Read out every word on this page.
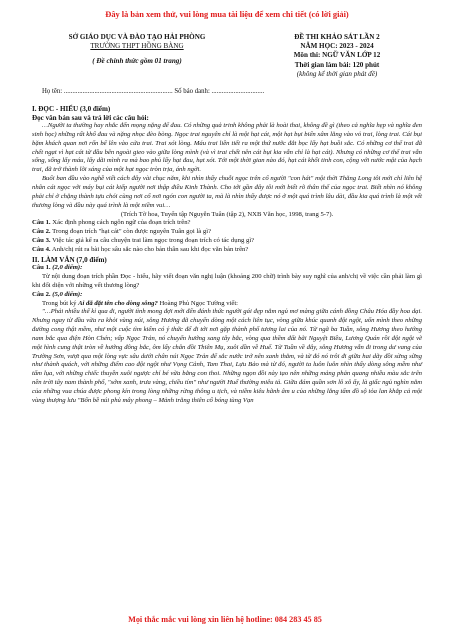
Đây là bản xem thử, vui lòng mua tài liệu để xem chi tiết (có lời giải)
SỞ GIÁO DỤC VÀ ĐÀO TẠO HẢI PHÒNG
TRƯỜNG THPT HỒNG BÀNG
( Đề chính thức gồm 01 trang)
ĐỀ THI KHẢO SÁT LẦN 2
NĂM HỌC: 2023 - 2024
Môn thi: NGỮ VĂN LỚP 12
Thời gian làm bài: 120 phút
(không kể thời gian phát đề)
Họ tên: ................................................................ Số báo danh: ...............................
I. ĐỌC - HIỂU (3,0 điểm)
Đọc văn bản sau và trả lời các câu hỏi:

…Người ta thường hay nhắc đến mọng nặng để đau. Có những quả trinh không phải là hoài thai, không đề gì (theo cả nghĩa hẹp và nghĩa đen sinh học) những rất khổ đau và nặng nhọc đèo bòng. Ngọc trai nguyên chỉ là một hạt cát, một hạt bụi biển xâm lăng vào vỏ trai, lòng trai. Cái bụi bặm khách quan nơi rốn bể lên vào cửa trai. Trai xót lòng. Máu trai liền tiết ra một thứ nước đắt bọc lấy hạt buồi sắc. Có những cơ thể trai đã chết ngạt vì hạt cát từ đầu bên ngoài gieo vào giữa lòng mình (và vì trai chết nên cát bụi kia vẫn chỉ là hạt cát). Nhưng có những cơ thể trai vẫn sống, sống lấy máu, lấy dãi mình ra mà bao phủ lấy hạt đau, hạt xót. Tới một thời gian nào đó, hạt cát khối tinh con, cộng với nước mật của hạch trai, đã trở thành lõi sáng của một hạt ngọc tròn trịa, ánh ngời.

Buổi ban đầu vào nghề viết cách đây vài chục năm, khi nhìn thấy chuỗi ngọc trên cổ người "con hát" một thời Thăng Long tôi mới chỉ liên hệ nhân cát ngọc với máy bụi cát kiếp người nơi thập điều Kinh Thành. Cho tới gần đây tôi mới biết rõ thân thế của ngọc trai. Biết nhìn nó không phải chỉ ở chặng thành tựu chói cùng nơi cổ nơi ngón con người ta, mà là nhìn thấy được nó ở một quá trình lâu dài, đầu kia quá trình là một vết thương lòng và đầu này quá trình là một niềm vui…

(Trích Tờ hoa, Tuyển tập Nguyễn Tuân (tập 2), NXB Văn học, 1998, trang 5-7).
Câu 1. Xác định phong cách ngôn ngữ của đoạn trích trên?
Câu 2. Trong đoạn trích "hạt cát" còn được nguyên Tuân gọi là gì?
Câu 3. Việc tác giả kể ra câu chuyện trai làm ngọc trong đoạn trích có tác dụng gì?
Câu 4. Anh/chị rút ra bài học sâu sắc nào cho bản thân sau khi đọc văn bản trên?
II. LÀM VĂN (7,0 điểm)
Câu 1. (2,0 điểm):

Từ nội dung đoạn trích phần Đọc - hiểu, hãy viết đoạn văn nghị luận (khoảng 200 chữ) trình bày suy nghĩ của anh/chị về việc cần phải làm gì khi đối diện với những vết thương lòng?

Câu 2. (5,0 điểm):

Trong bút ký Ai đã đặt tên cho dòng sông? Hoàng Phủ Ngọc Tường viết:

"…Phải nhiều thế kỉ qua đi, người tình mong đợi mới đến đánh thức người gái đẹp nằm ngủ mơ màng giữa cánh đồng Châu Hóa đầy hoa dại. Nhưng ngay từ đầu vừa ra khỏi vùng núi, sông Hương đã chuyển dòng một cách liên tục, vòng giữa khúc quanh đột ngột, uốn mình theo những đường cong thật mềm, như một cuộc tìm kiếm có ý thức để đi tới nơi gặp thành phố tương lai của nó. Từ ngã ba Tuần, sông Hương theo hướng nam bắc qua điện Hòn Chén; vấp Ngọc Trản, nó chuyển hướng sang tây bắc, vòng qua thềm đất bãi Nguyệt Biều, Lương Quán rồi đột ngột vẽ một hình cung thật tròn về hướng đông bắc, ôm lấy chân đồi Thiên Mụ, xuôi dần về Huế. Từ Tuần về đây, sông Hương vẫn đi trong dư vang của Trường Sơn, vượt qua một lòng vực sâu dưới chân núi Ngọc Trản để sắc nước trở nên xanh thẳm, và từ đó nó trôi đi giữa hai dãy đồi sừng sững như thành quách, với những điểm cao đột ngột như Vọng Cảnh, Tam Thai, Lựu Bảo mà từ đó, người ta luôn luôn nhìn thấy dòng sông mềm như tấm lụa, với những chiếc thuyền xuôi ngược chỉ bé vừa bằng con thoi. Những ngọn đồi này tạo nên những mảng phản quang nhiều màu sắc trên nền trời tây nam thành phố, "sớm xanh, trưa vàng, chiều tím" như người Huế thường miêu tả. Giữa đám quần sơn lô xô ấy, là giấc ngủ nghìn năm của những vua chúa được phong kín trong lòng những rừng thông u tịch, và niềm kiêu hãnh âm u của những lăng tẩm đồ sộ tỏa lan khắp cả một vùng thượng lưu "Bốn bề núi phủ mây phong – Mảnh trăng thiên cổ bóng tùng Vạn

Mọi thắc mắc vui lòng xin liên hệ hotline: 084 283 45 85
